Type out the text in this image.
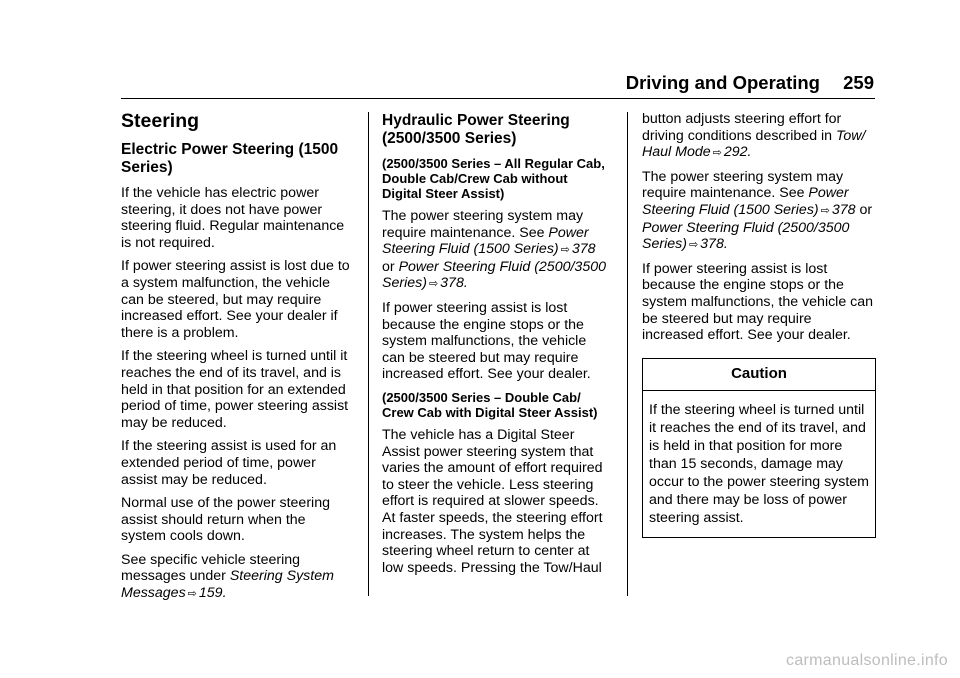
Driving and Operating 259
Steering
Electric Power Steering (1500 Series)

If the vehicle has electric power steering, it does not have power steering fluid. Regular maintenance is not required.

If power steering assist is lost due to a system malfunction, the vehicle can be steered, but may require increased effort. See your dealer if there is a problem.

If the steering wheel is turned until it reaches the end of its travel, and is held in that position for an extended period of time, power steering assist may be reduced.

If the steering assist is used for an extended period of time, power assist may be reduced.

Normal use of the power steering assist should return when the system cools down.

See specific vehicle steering messages under Steering System Messages ⇨ 159.

Hydraulic Power Steering (2500/3500 Series)
(2500/3500 Series – All Regular Cab, Double Cab/Crew Cab without Digital Steer Assist)

The power steering system may require maintenance. See Power Steering Fluid (1500 Series) ⇨ 378 or Power Steering Fluid (2500/3500 Series) ⇨ 378.

If power steering assist is lost because the engine stops or the system malfunctions, the vehicle can be steered but may require increased effort. See your dealer.

(2500/3500 Series – Double Cab/ Crew Cab with Digital Steer Assist)

The vehicle has a Digital Steer Assist power steering system that varies the amount of effort required to steer the vehicle. Less steering effort is required at slower speeds. At faster speeds, the steering effort increases. The system helps the steering wheel return to center at low speeds. Pressing the Tow/Haul

button adjusts steering effort for driving conditions described in Tow/ Haul Mode ⇨ 292.

The power steering system may require maintenance. See Power Steering Fluid (1500 Series) ⇨ 378 or Power Steering Fluid (2500/3500 Series) ⇨ 378.

If power steering assist is lost because the engine stops or the system malfunctions, the vehicle can be steered but may require increased effort. See your dealer.

Caution
If the steering wheel is turned until it reaches the end of its travel, and is held in that position for more than 15 seconds, damage may occur to the power steering system and there may be loss of power steering assist.
carmanualsonline.info
